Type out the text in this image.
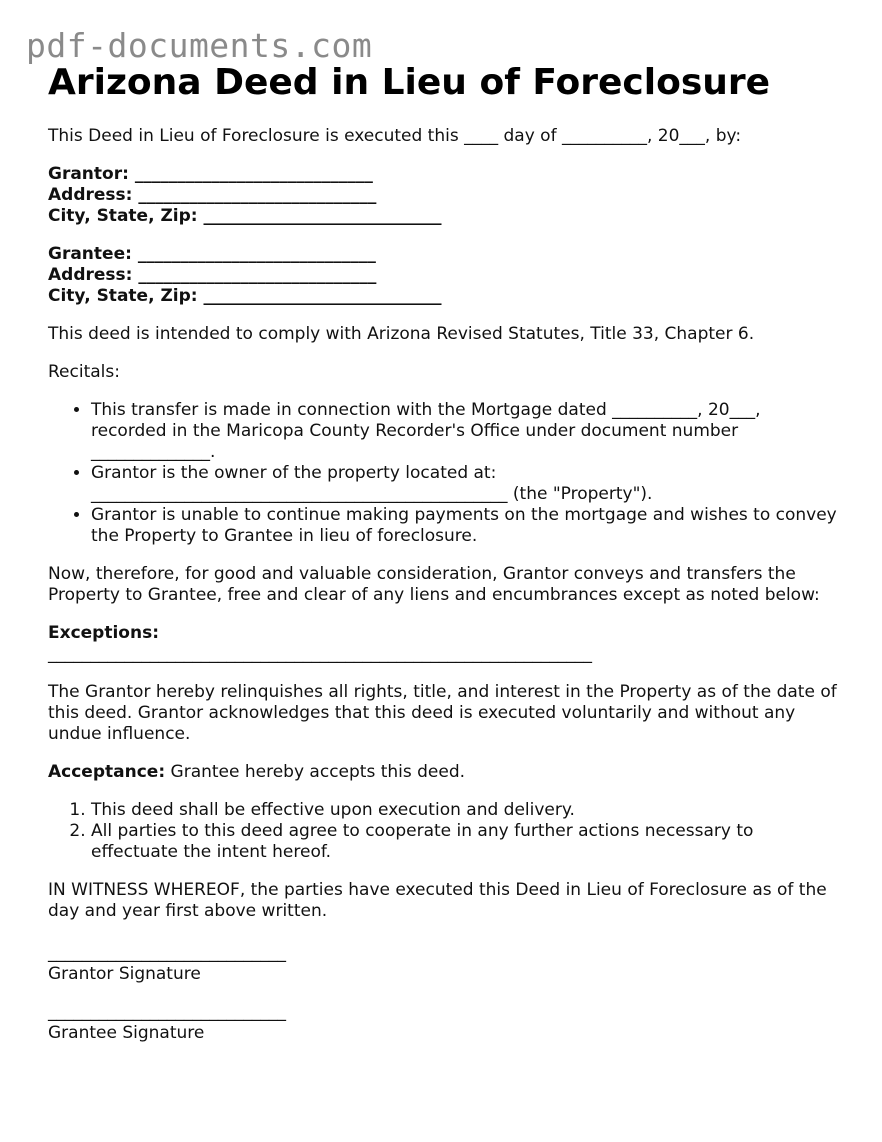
pdf-documents.com
Arizona Deed in Lieu of Foreclosure

This Deed in Lieu of Foreclosure is executed this ____ day of __________, 20___, by:

Grantor: ____________________________
Address: ____________________________
City, State, Zip: ____________________________
Grantee: ____________________________
Address: ____________________________
City, State, Zip: ____________________________

This deed is intended to comply with Arizona Revised Statutes, Title 33, Chapter 6.

Recitals:

• This transfer is made in connection with the Mortgage dated __________, 20___, recorded in the Maricopa County Recorder's Office under document number ______________.
• Grantor is the owner of the property located at: _________________________________________________ (the "Property").
• Grantor is unable to continue making payments on the mortgage and wishes to convey the Property to Grantee in lieu of foreclosure.

Now, therefore, for good and valuable consideration, Grantor conveys and transfers the Property to Grantee, free and clear of any liens and encumbrances except as noted below:

Exceptions:
________________________________________________________________

The Grantor hereby relinquishes all rights, title, and interest in the Property as of the date of this deed. Grantor acknowledges that this deed is executed voluntarily and without any undue influence.

Acceptance: Grantee hereby accepts this deed.

1. This deed shall be effective upon execution and delivery.
2. All parties to this deed agree to cooperate in any further actions necessary to effectuate the intent hereof.

IN WITNESS WHEREOF, the parties have executed this Deed in Lieu of Foreclosure as of the day and year first above written.

____________________________
Grantor Signature
____________________________
Grantee Signature
